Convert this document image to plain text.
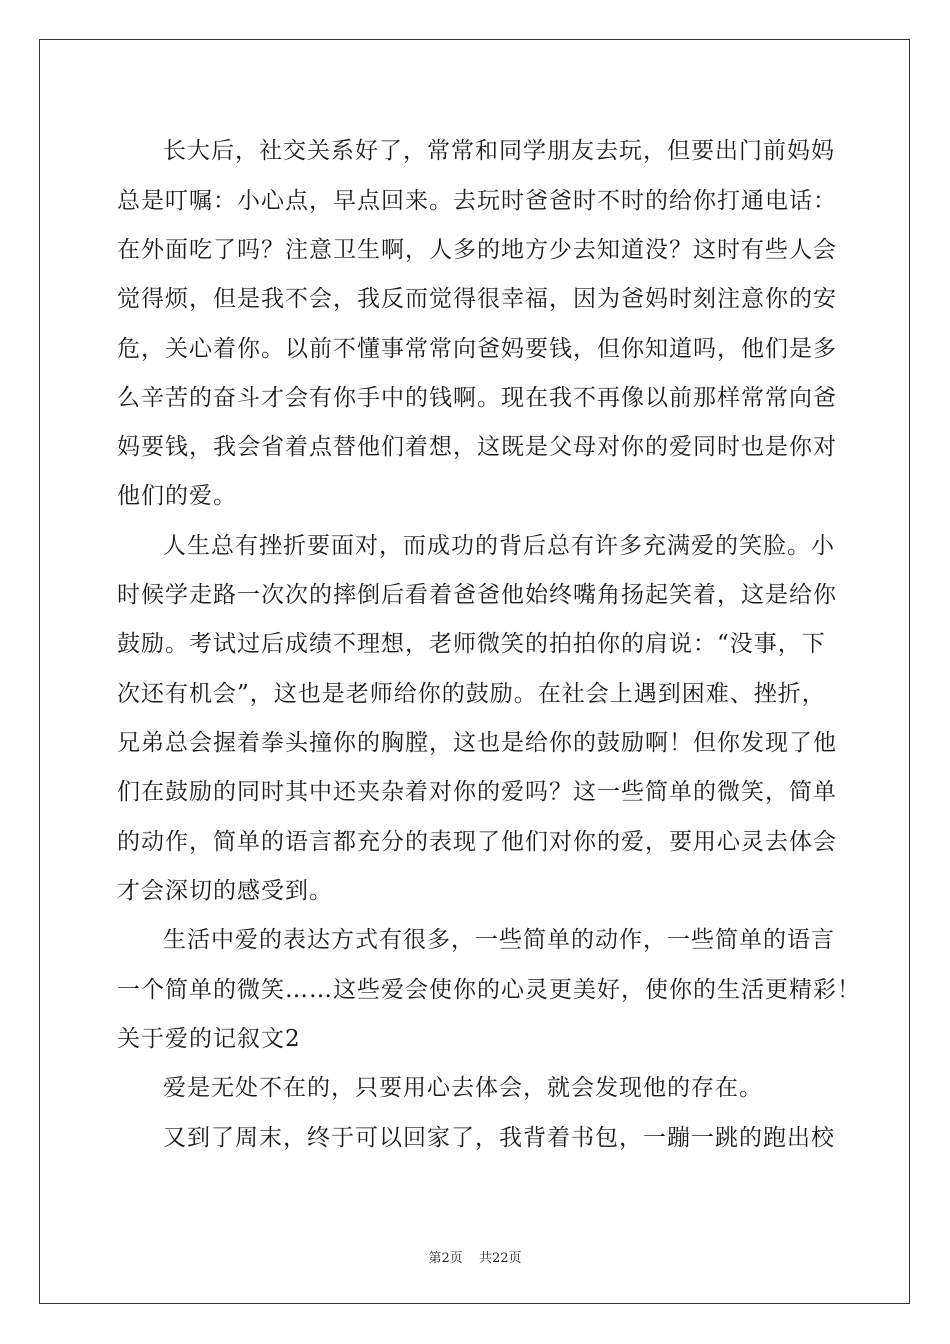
长大后，社交关系好了，常常和同学朋友去玩，但要出门前妈妈
总是叮嘱：小心点，早点回来。去玩时爸爸时不时的给你打通电话：
在外面吃了吗？注意卫生啊，人多的地方少去知道没？这时有些人会
觉得烦，但是我不会，我反而觉得很幸福，因为爸妈时刻注意你的安
危，关心着你。以前不懂事常常向爸妈要钱，但你知道吗，他们是多
么辛苦的奋斗才会有你手中的钱啊。现在我不再像以前那样常常向爸
妈要钱，我会省着点替他们着想，这既是父母对你的爱同时也是你对
他们的爱。
人生总有挫折要面对，而成功的背后总有许多充满爱的笑脸。小
时候学走路一次次的摔倒后看着爸爸他始终嘴角扬起笑着，这是给你
鼓励。考试过后成绩不理想，老师微笑的拍拍你的肩说：“没事，下
次还有机会”，这也是老师给你的鼓励。在社会上遇到困难、挫折，
兄弟总会握着拳头撞你的胸膛，这也是给你的鼓励啊！但你发现了他
们在鼓励的同时其中还夹杂着对你的爱吗？这一些简单的微笑，简单
的动作，简单的语言都充分的表现了他们对你的爱，要用心灵去体会
才会深切的感受到。
生活中爱的表达方式有很多，一些简单的动作，一些简单的语言
一个简单的微笑……这些爱会使你的心灵更美好，使你的生活更精彩！
关于爱的记叙文2
爱是无处不在的，只要用心去体会，就会发现他的存在。
又到了周末，终于可以回家了，我背着书包，一蹦一跳的跑出校
第2页 共22页
